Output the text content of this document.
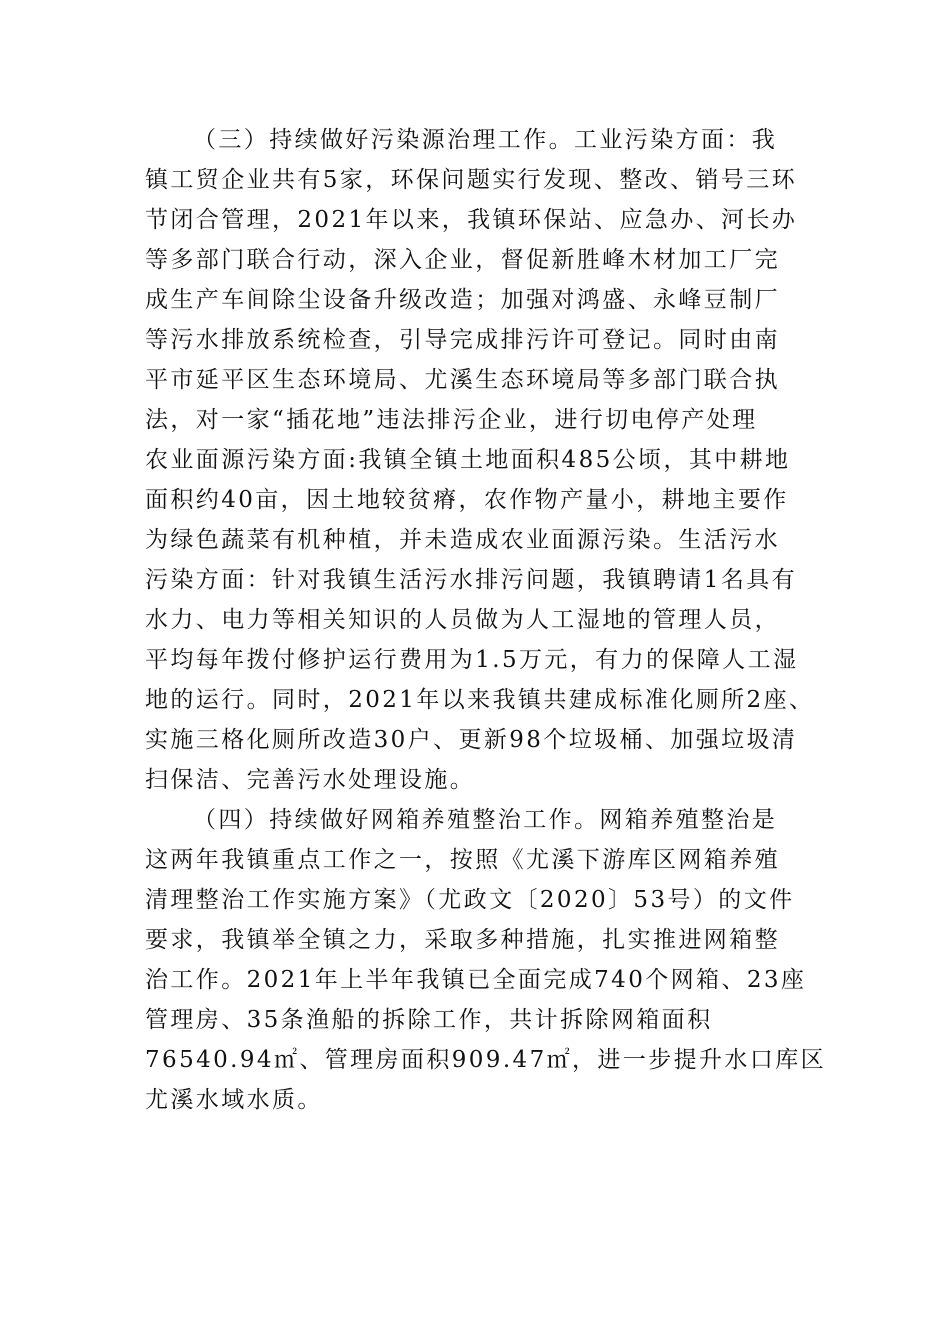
（三）持续做好污染源治理工作。工业污染方面：我
镇工贸企业共有5家，环保问题实行发现、整改、销号三环
节闭合管理，2021年以来，我镇环保站、应急办、河长办
等多部门联合行动，深入企业，督促新胜峰木材加工厂完
成生产车间除尘设备升级改造；加强对鸿盛、永峰豆制厂
等污水排放系统检查，引导完成排污许可登记。同时由南
平市延平区生态环境局、尤溪生态环境局等多部门联合执
法，对一家“插花地”违法排污企业，进行切电停产处理
农业面源污染方面:我镇全镇土地面积485公顷，其中耕地
面积约40亩，因土地较贫瘠，农作物产量小，耕地主要作
为绿色蔬菜有机种植，并未造成农业面源污染。生活污水
污染方面：针对我镇生活污水排污问题，我镇聘请1名具有
水力、电力等相关知识的人员做为人工湿地的管理人员，
平均每年拨付修护运行费用为1.5万元，有力的保障人工湿
地的运行。同时，2021年以来我镇共建成标准化厕所2座、
实施三格化厕所改造30户、更新98个垃圾桶、加强垃圾清
扫保洁、完善污水处理设施。
（四）持续做好网箱养殖整治工作。网箱养殖整治是
这两年我镇重点工作之一，按照《尤溪下游库区网箱养殖
清理整治工作实施方案》（尤政文〔2020〕53号）的文件
要求，我镇举全镇之力，采取多种措施，扎实推进网箱整
治工作。2021年上半年我镇已全面完成740个网箱、23座
管理房、35条渔船的拆除工作，共计拆除网箱面积
76540.94㎡、管理房面积909.47㎡，进一步提升水口库区
尤溪水域水质。
